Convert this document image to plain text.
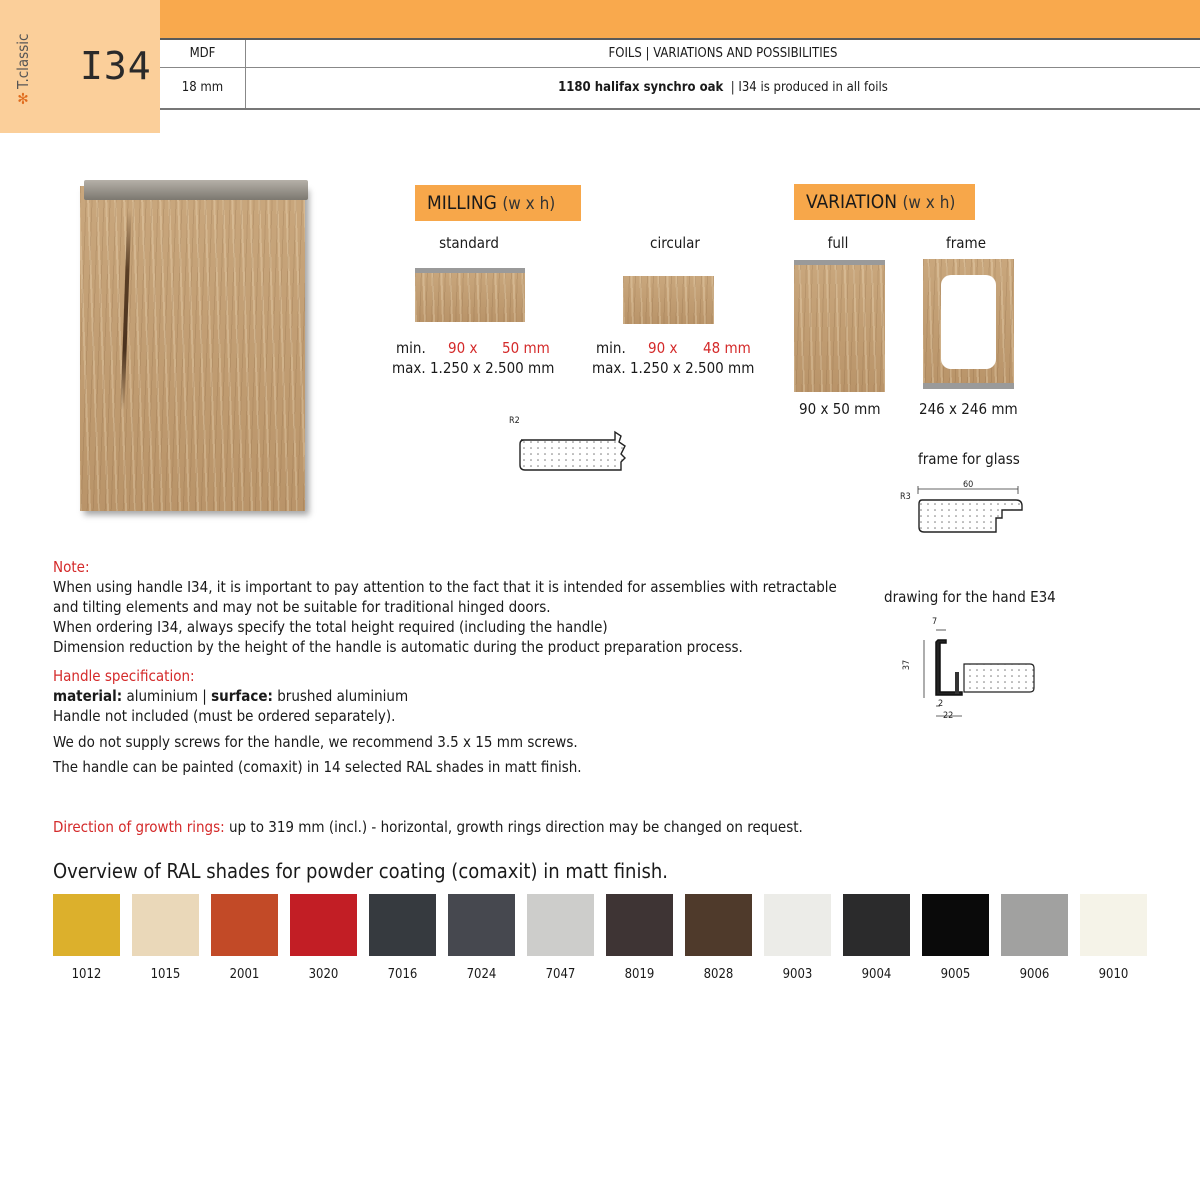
✻T.classic I34	MDF	FOILS | VARIATIONS AND POSSIBILITIES
18 mm	1180 halifax synchro oak | I34 is produced in all foils
MILLING (w x h)
standard	circular
min. 90 x 50 mm
max. 1.250 x 2.500 mm
min. 90 x 48 mm
max. 1.250 x 2.500 mm
R2
VARIATION (w x h)
full	frame
90 x 50 mm	246 x 246 mm
frame for glass
R3
60
drawing for the hand E34
7
37
2
22
Note:
When using handle I34, it is important to pay attention to the fact that it is intended for assemblies with retractable
and tilting elements and may not be suitable for traditional hinged doors.
When ordering I34, always specify the total height required (including the handle)
Dimension reduction by the height of the handle is automatic during the product preparation process.
Handle specification:
material: aluminium | surface: brushed aluminium
Handle not included (must be ordered separately).
We do not supply screws for the handle, we recommend 3.5 x 15 mm screws.
The handle can be painted (comaxit) in 14 selected RAL shades in matt finish.
Direction of growth rings: up to 319 mm (incl.) - horizontal, growth rings direction may be changed on request.
Overview of RAL shades for powder coating (comaxit) in matt finish.
1012	1015	2001	3020	7016	7024	7047	8019	8028	9003	9004	9005	9006	9010
